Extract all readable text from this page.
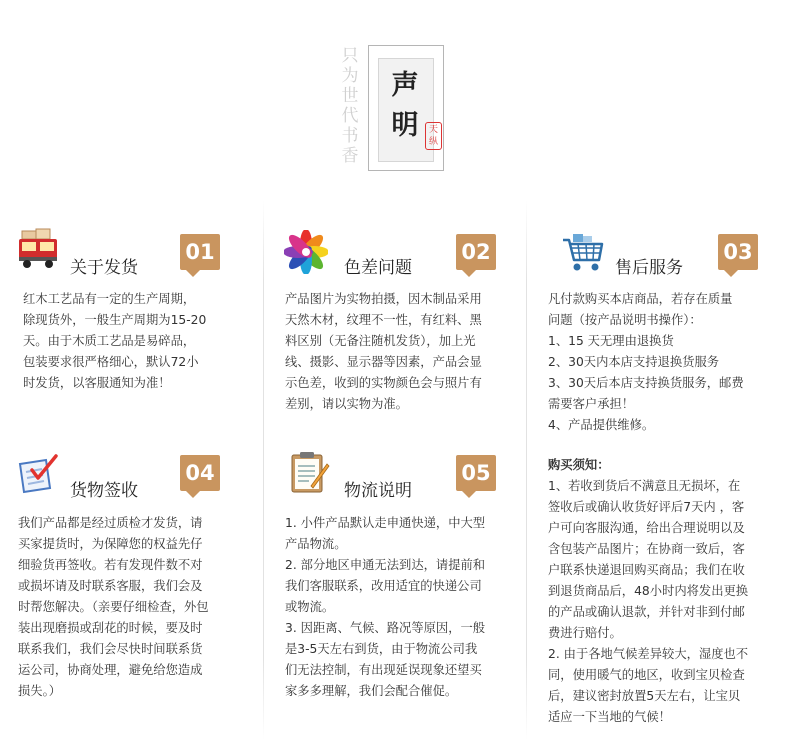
只
为
世
代
书
香
声
明	天
纵
关于发货
01

红木工艺品有一定的生产周期，

除现货外，一般生产周期为15-20

天。由于木质工艺品是易碎品，

包装要求很严格细心，默认72小

时发货，以客服通知为准！

色差问题
02

产品图片为实物拍摄，因木制品采用

天然木材，纹理不一性，有红料、黑

料区别（无备注随机发货），加上光

线、摄影、显示器等因素，产品会显

示色差，收到的实物颜色会与照片有

差别，请以实物为准。

售后服务
03

凡付款购买本店商品，若存在质量

问题（按产品说明书操作）：

1、15 天无理由退换货

2、30天内本店支持退换货服务

3、30天后本店支持换货服务，邮费

需要客户承担！

4、产品提供维修。

货物签收
04

我们产品都是经过质检才发货，请

买家提货时，为保障您的权益先仔

细验货再签收。若有发现件数不对

或损坏请及时联系客服，我们会及

时帮您解决。（亲要仔细检查，外包

装出现磨损或刮花的时候，要及时

联系我们，我们会尽快时间联系货

运公司，协商处理，避免给您造成

损失。）

物流说明
05

1. 小件产品默认走申通快递，中大型

产品物流。

2. 部分地区申通无法到达，请提前和

我们客服联系，改用适宜的快递公司

或物流。

3. 因距离、气候、路况等原因，一般

是3-5天左右到货，由于物流公司我

们无法控制，有出现延误现象还望买

家多多理解，我们会配合催促。

购买须知：

1、若收到货后不满意且无损坏，在

签收后或确认收货好评后7天内 ，客

户可向客服沟通，给出合理说明以及

含包装产品图片；在协商一致后，客

户联系快递退回购买商品；我们在收

到退货商品后，48小时内将发出更换

的产品或确认退款，并针对非到付邮

费进行赔付。

2. 由于各地气候差异较大，湿度也不

同，使用暖气的地区，收到宝贝检查

后，建议密封放置5天左右，让宝贝

适应一下当地的气候！
